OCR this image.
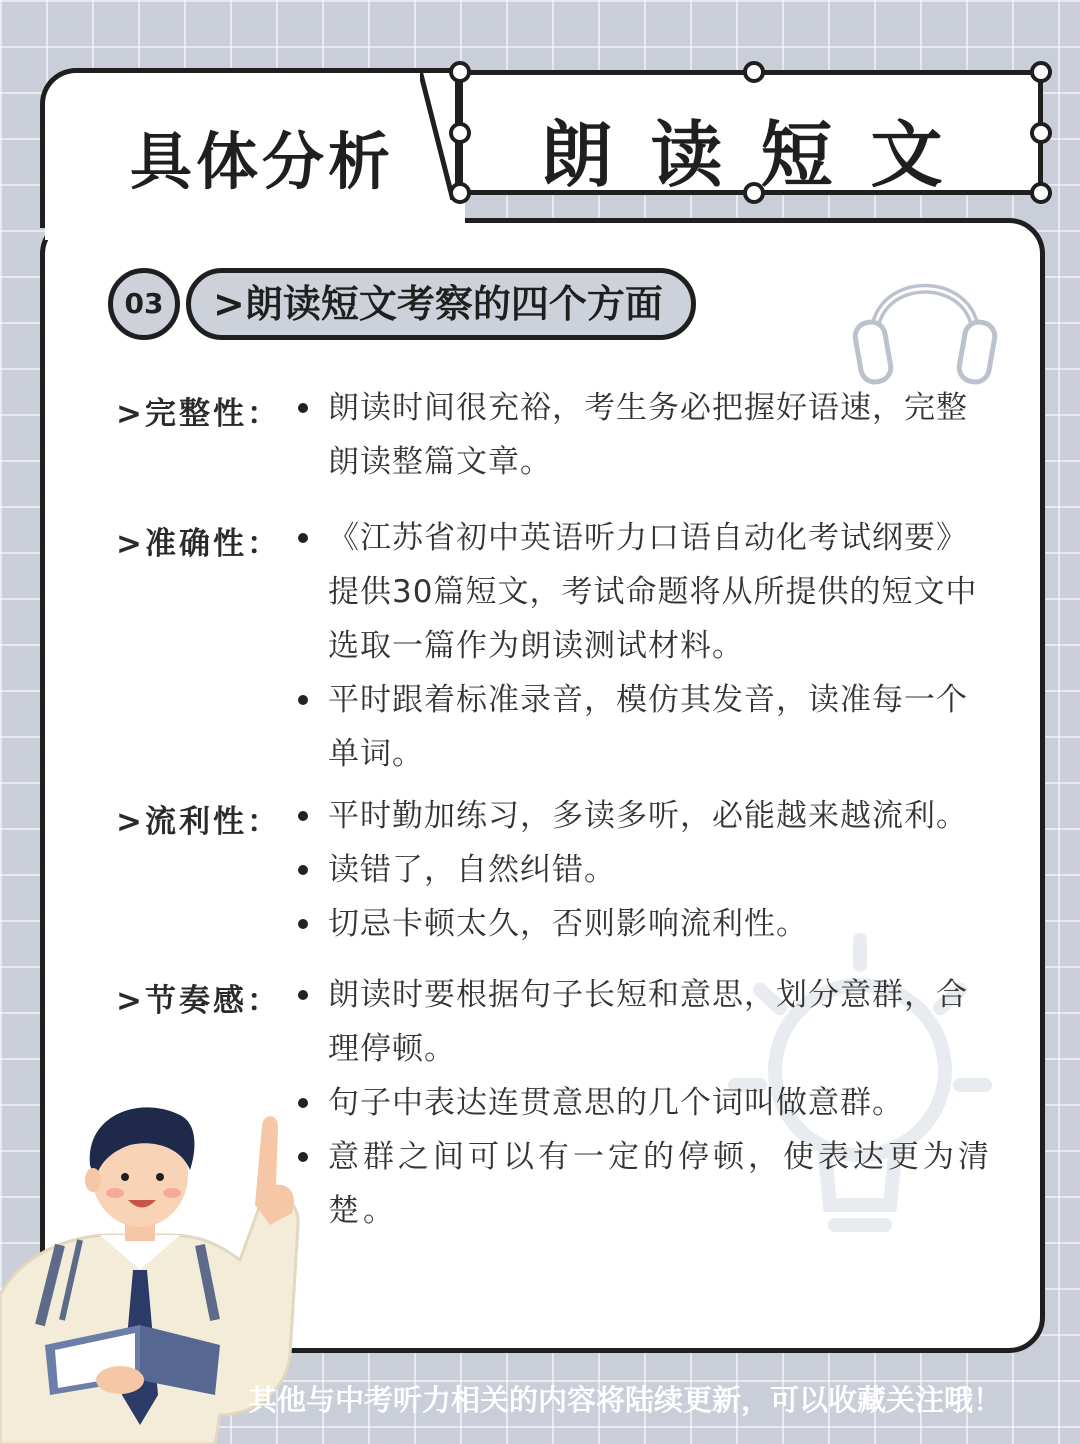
具体分析	朗读短文
03	>朗读短文考察的四个方面
>完整性：	朗读时间很充裕，考生务必把握好语速，完整朗读整篇文章。
>准确性：	《江苏省初中英语听力口语自动化考试纲要》提供30篇短文，考试命题将从所提供的短文中选取一篇作为朗读测试材料。
平时跟着标准录音，模仿其发音，读准每一个单词。
>流利性：	平时勤加练习，多读多听，必能越来越流利。
读错了，自然纠错。
切忌卡顿太久，否则影响流利性。
>节奏感：	朗读时要根据句子长短和意思，划分意群，合理停顿。
句子中表达连贯意思的几个词叫做意群。
意群之间可以有一定的停顿，使表达更为清楚。
其他与中考听力相关的内容将陆续更新，可以收藏关注哦！
